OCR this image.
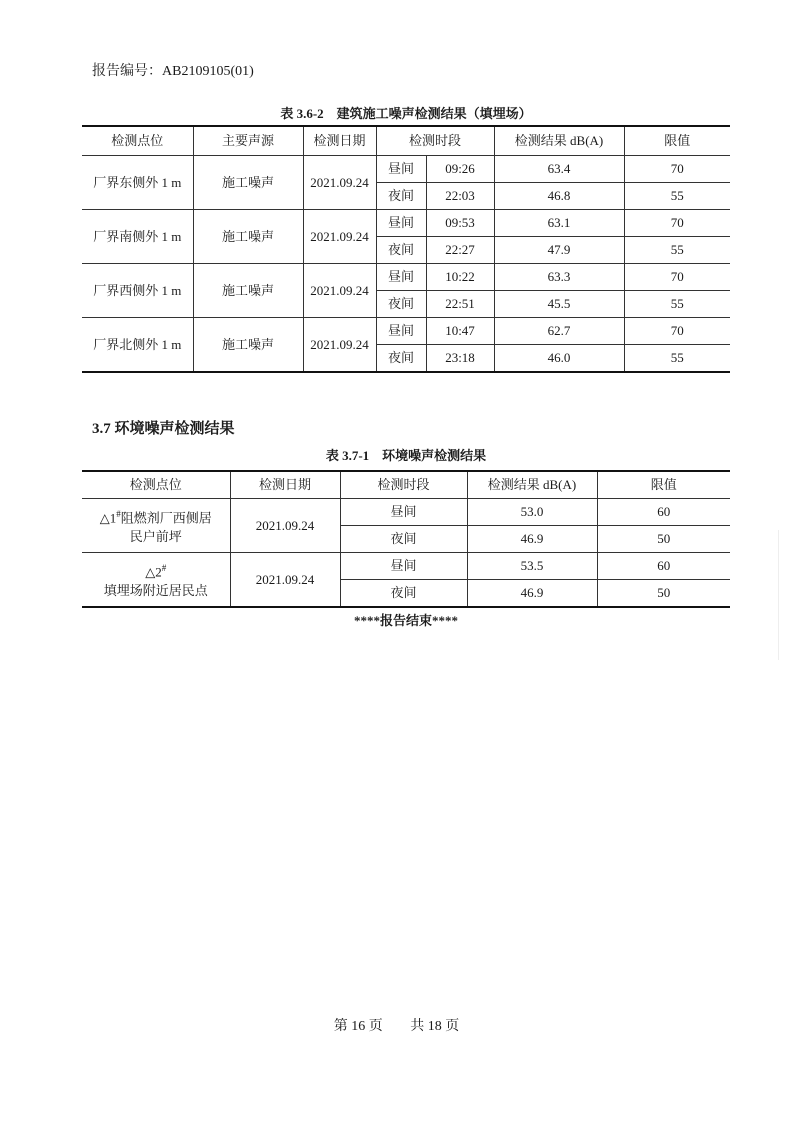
报告编号：AB2109105(01)
表 3.6-2　建筑施工噪声检测结果（填埋场）
检测点位	主要声源	检测日期	检测时段		检测结果 dB(A)	限值
厂界东侧外 1 m	施工噪声	2021.09.24	昼间	09:26	63.4	70
			夜间	22:03	46.8	55
厂界南侧外 1 m	施工噪声	2021.09.24	昼间	09:53	63.1	70
			夜间	22:27	47.9	55
厂界西侧外 1 m	施工噪声	2021.09.24	昼间	10:22	63.3	70
			夜间	22:51	45.5	55
厂界北侧外 1 m	施工噪声	2021.09.24	昼间	10:47	62.7	70
			夜间	23:18	46.0	55
3.7 环境噪声检测结果
表 3.7-1　环境噪声检测结果
检测点位	检测日期	检测时段	检测结果 dB(A)	限值
△1#阻燃剂厂西侧居
民户前坪	2021.09.24	昼间	53.0	60
		夜间	46.9	50
△2#
填埋场附近居民点	2021.09.24	昼间	53.5	60
		夜间	46.9	50
****报告结束****
第 16 页 共 18 页
